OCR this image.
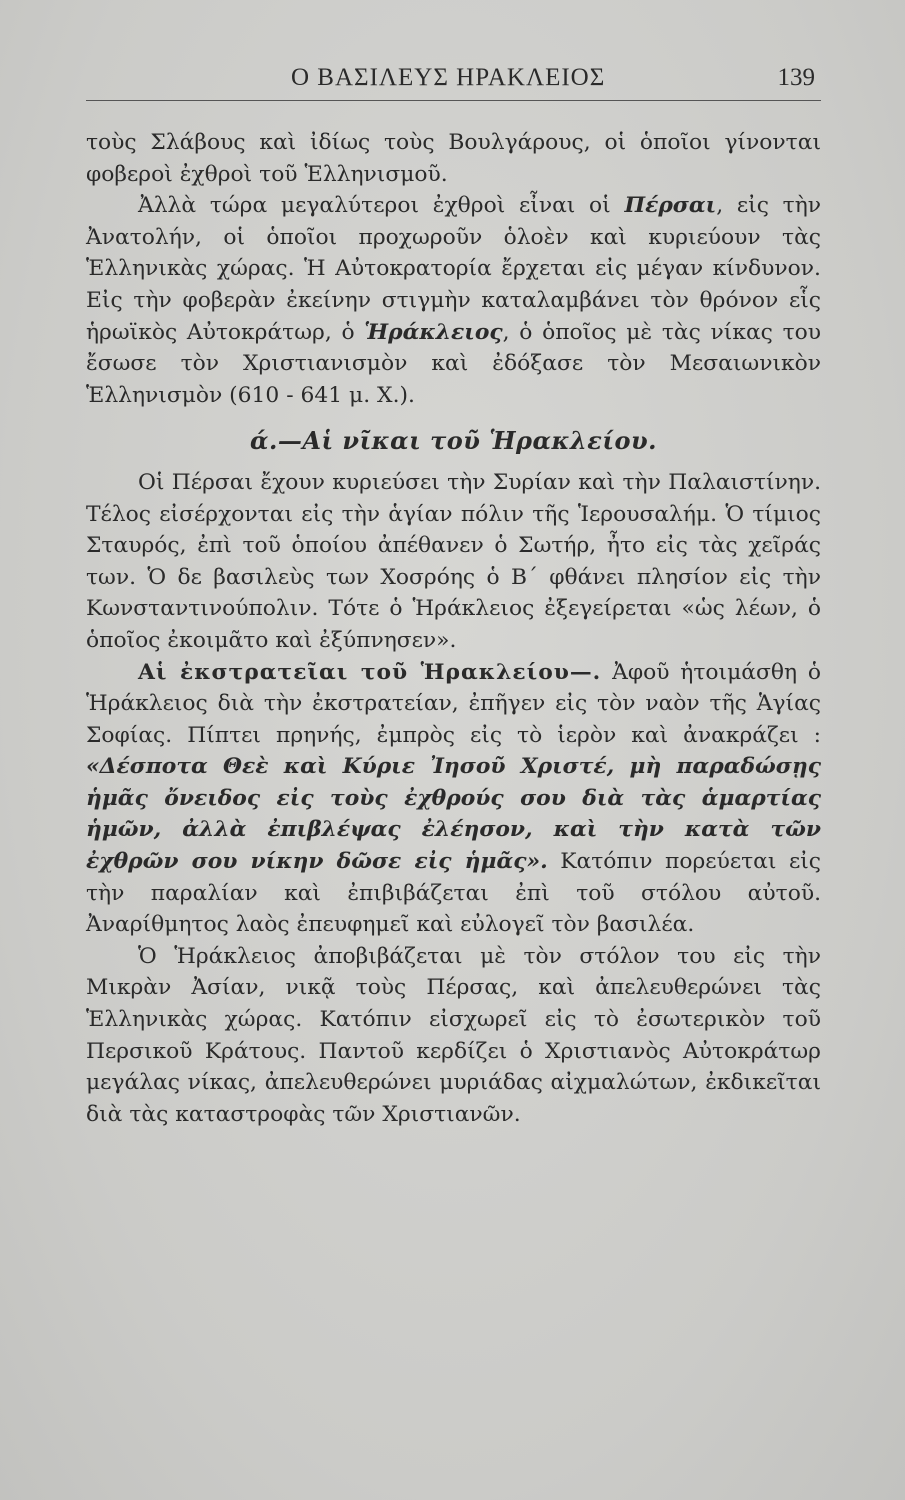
Ο ΒΑΣΙΛΕΥΣ ΗΡΑΚΛΕΙΟΣ	139

τοὺς Σλάβους καὶ ἰδίως τοὺς Βουλγάρους, οἱ ὁποῖοι γίνονται φοβεροὶ ἐχθροὶ τοῦ Ἑλληνισμοῦ.

Ἀλλὰ τώρα μεγαλύτεροι ἐχθροὶ εἶναι οἱ Πέρσαι, εἰς τὴν Ἀνατολήν, οἱ ὁποῖοι προχωροῦν ὁλοὲν καὶ κυριεύουν τὰς Ἑλληνικὰς χώρας. Ἡ Αὐτοκρατορία ἔρχεται εἰς μέγαν κίνδυνον. Εἰς τὴν φοβερὰν ἐκείνην στιγμὴν καταλαμβάνει τὸν θρόνον εἷς ἡρωϊκὸς Αὐτοκράτωρ, ὁ Ἡράκλειος, ὁ ὁποῖος μὲ τὰς νίκας του ἔσωσε τὸν Χριστιανισμὸν καὶ ἐδόξασε τὸν Μεσαιωνικὸν Ἑλληνισμὸν (610 - 641 μ. Χ.).

ά.—Αἱ νῖκαι τοῦ Ἡρακλείου.

Οἱ Πέρσαι ἔχουν κυριεύσει τὴν Συρίαν καὶ τὴν Παλαιστίνην. Τέλος εἰσέρχονται εἰς τὴν ἁγίαν πόλιν τῆς Ἱερουσαλήμ. Ὁ τίμιος Σταυρός, ἐπὶ τοῦ ὁποίου ἀπέθανεν ὁ Σωτήρ, ἦτο εἰς τὰς χεῖράς των. Ὁ δε βασιλεὺς των Χοσρόης ὁ Β΄ φθάνει πλησίον εἰς τὴν Κωνσταντινούπολιν. Τότε ὁ Ἡράκλειος ἐξεγείρεται «ὡς λέων, ὁ ὁποῖος ἐκοιμᾶτο καὶ ἐξύπνησεν».

Αἱ ἐκστρατεῖαι τοῦ Ἡρακλείου—. Ἀφοῦ ἡτοιμάσθη ὁ Ἡράκλειος διὰ τὴν ἐκστρατείαν, ἐπῆγεν εἰς τὸν ναὸν τῆς Ἁγίας Σοφίας. Πίπτει πρηνής, ἐμπρὸς εἰς τὸ ἱερὸν καὶ ἀνακράζει : «Δέσποτα Θεὲ καὶ Κύριε Ἰησοῦ Χριστέ, μὴ παραδώσῃς ἡμᾶς ὄνειδος εἰς τοὺς ἐχθρούς σου διὰ τὰς ἁμαρτίας ἡμῶν, ἀλλὰ ἐπιβλέψας ἐλέησον, καὶ τὴν κατὰ τῶν ἐχθρῶν σου νίκην δῶσε εἰς ἡμᾶς». Κατόπιν πορεύεται εἰς τὴν παραλίαν καὶ ἐπιβιβάζεται ἐπὶ τοῦ στόλου αὐτοῦ. Ἀναρίθμητος λαὸς ἐπευφημεῖ καὶ εὐλογεῖ τὸν βασιλέα.

Ὁ Ἡράκλειος ἀποβιβάζεται μὲ τὸν στόλον του εἰς τὴν Μικρὰν Ἀσίαν, νικᾷ τοὺς Πέρσας, καὶ ἀπελευθερώνει τὰς Ἑλληνικὰς χώρας. Κατόπιν εἰσχωρεῖ εἰς τὸ ἐσωτερικὸν τοῦ Περσικοῦ Κράτους. Παντοῦ κερδίζει ὁ Χριστιανὸς Αὐτοκράτωρ μεγάλας νίκας, ἀπελευθερώνει μυριάδας αἰχμαλώτων, ἐκδικεῖται διὰ τὰς καταστροφὰς τῶν Χριστιανῶν.
